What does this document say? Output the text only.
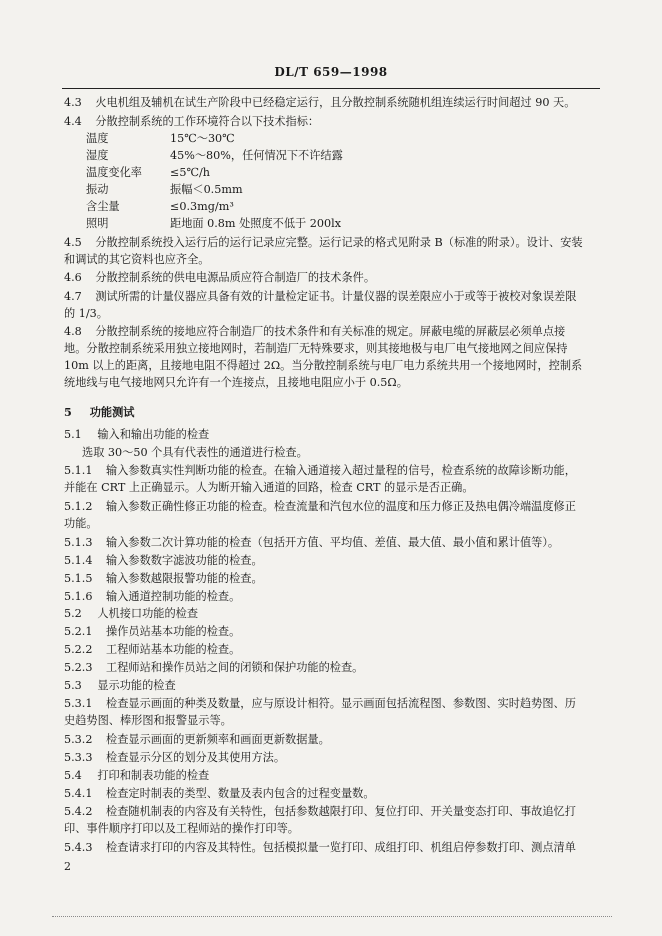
DL/T 659—1998
4.3 火电机组及辅机在试生产阶段中已经稳定运行，且分散控制系统随机组连续运行时间超过 90 天。
4.4 分散控制系统的工作环境符合以下技术指标：
温度	15℃～30℃
湿度	45%～80%，任何情况下不许结露
温度变化率	≤5℃/h
振动	振幅＜0.5mm
含尘量	≤0.3mg/m³
照明	距地面 0.8m 处照度不低于 200lx
4.5 分散控制系统投入运行后的运行记录应完整。运行记录的格式见附录 B（标准的附录）。设计、安装
和调试的其它资料也应齐全。
4.6 分散控制系统的供电电源品质应符合制造厂的技术条件。
4.7 测试所需的计量仪器应具备有效的计量检定证书。计量仪器的误差限应小于或等于被校对象误差限
的 1/3。
4.8 分散控制系统的接地应符合制造厂的技术条件和有关标准的规定。屏蔽电缆的屏蔽层必须单点接
地。分散控制系统采用独立接地网时，若制造厂无特殊要求，则其接地极与电厂电气接地网之间应保持
10m 以上的距离，且接地电阻不得超过 2Ω。当分散控制系统与电厂电力系统共用一个接地网时，控制系
统地线与电气接地网只允许有一个连接点，且接地电阻应小于 0.5Ω。
5 功能测试
5.1 输入和输出功能的检查
选取 30～50 个具有代表性的通道进行检查。
5.1.1 输入参数真实性判断功能的检查。在输入通道接入超过量程的信号，检查系统的故障诊断功能，
并能在 CRT 上正确显示。人为断开输入通道的回路，检查 CRT 的显示是否正确。
5.1.2 输入参数正确性修正功能的检查。检查流量和汽包水位的温度和压力修正及热电偶冷端温度修正
功能。
5.1.3 输入参数二次计算功能的检查（包括开方值、平均值、差值、最大值、最小值和累计值等）。
5.1.4 输入参数数字滤波功能的检查。
5.1.5 输入参数越限报警功能的检查。
5.1.6 输入通道控制功能的检查。
5.2 人机接口功能的检查
5.2.1 操作员站基本功能的检查。
5.2.2 工程师站基本功能的检查。
5.2.3 工程师站和操作员站之间的闭锁和保护功能的检查。
5.3 显示功能的检查
5.3.1 检查显示画面的种类及数量，应与原设计相符。显示画面包括流程图、参数图、实时趋势图、历
史趋势图、棒形图和报警显示等。
5.3.2 检查显示画面的更新频率和画面更新数据量。
5.3.3 检查显示分区的划分及其使用方法。
5.4 打印和制表功能的检查
5.4.1 检查定时制表的类型、数量及表内包含的过程变量数。
5.4.2 检查随机制表的内容及有关特性，包括参数越限打印、复位打印、开关量变态打印、事故追忆打
印、事件顺序打印以及工程师站的操作打印等。
5.4.3 检查请求打印的内容及其特性。包括模拟量一览打印、成组打印、机组启停参数打印、测点清单
2
